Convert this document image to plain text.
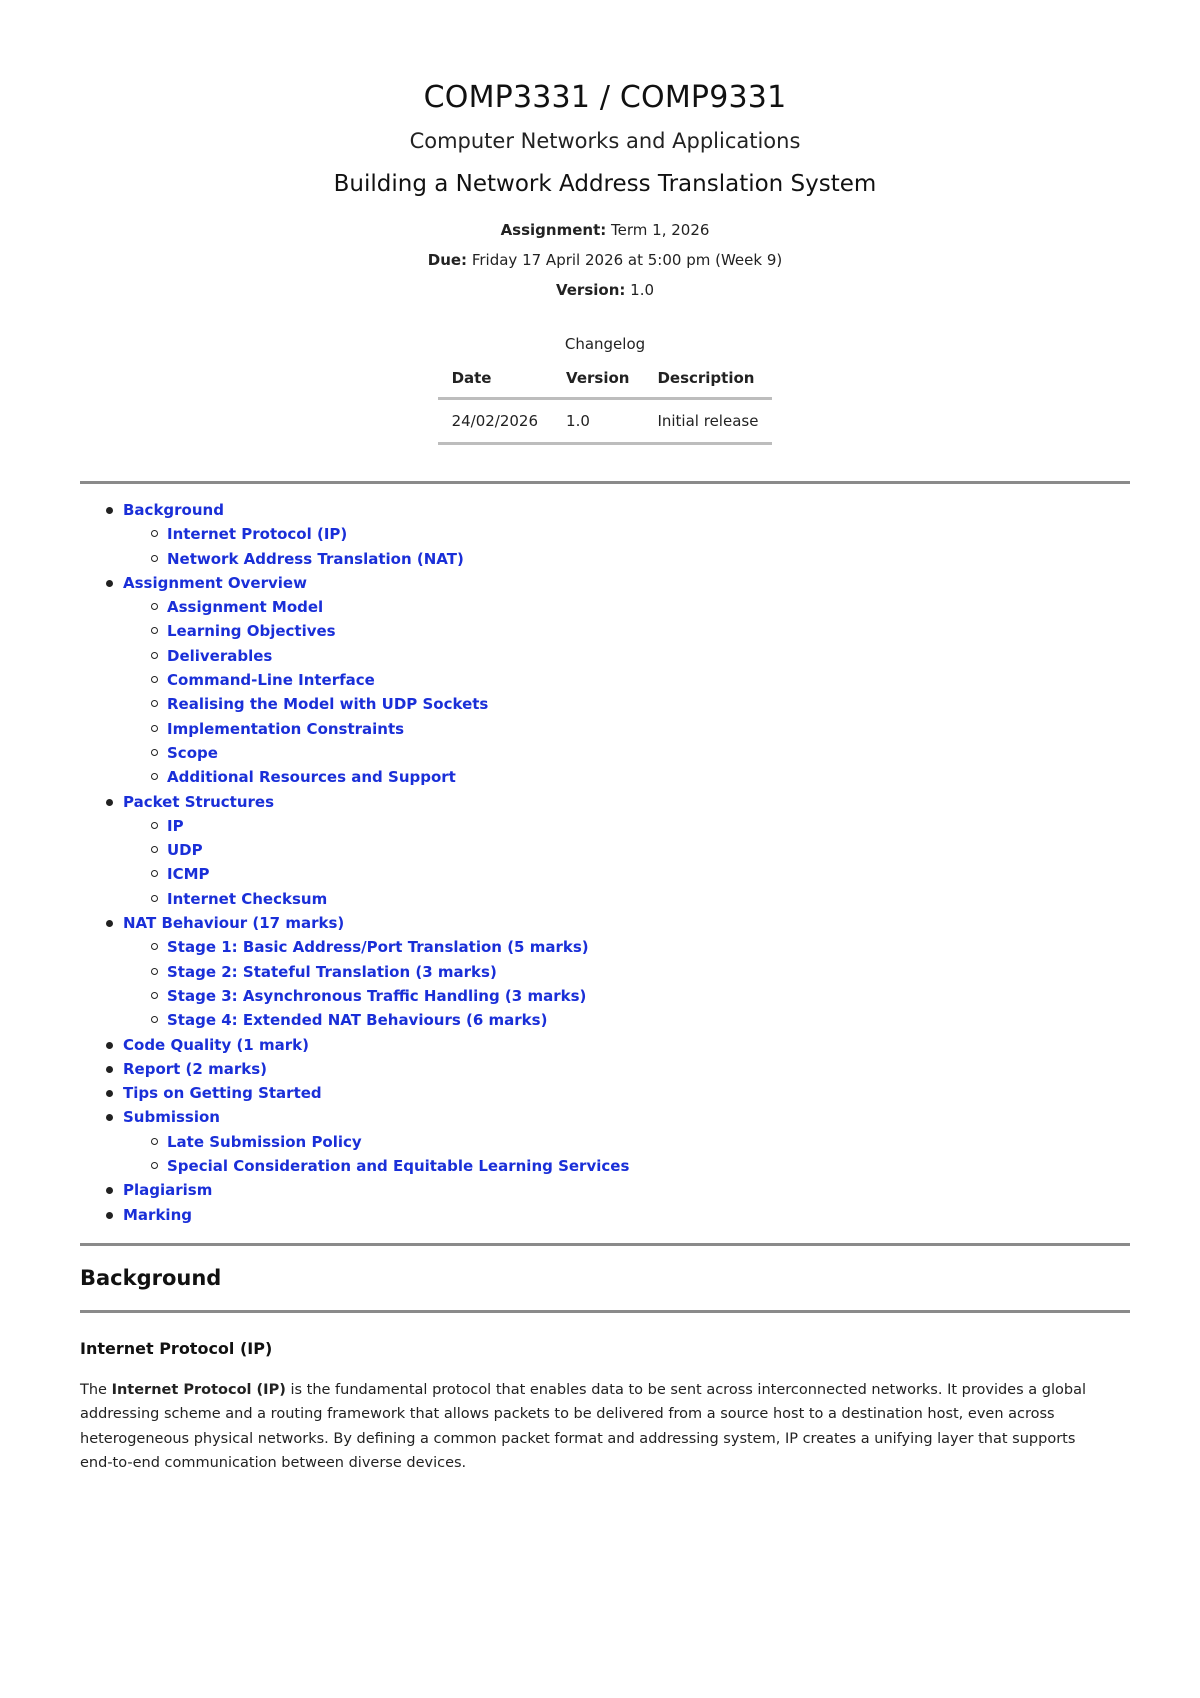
COMP3331 / COMP9331
Computer Networks and Applications
Building a Network Address Translation System
Assignment: Term 1, 2026
Due: Friday 17 April 2026 at 5:00 pm (Week 9)
Version: 1.0
Changelog
Date	Version	Description
24/02/2026	1.0	Initial release
Background
Internet Protocol (IP)
Network Address Translation (NAT)
Assignment Overview
Assignment Model
Learning Objectives
Deliverables
Command-Line Interface
Realising the Model with UDP Sockets
Implementation Constraints
Scope
Additional Resources and Support
Packet Structures
IP
UDP
ICMP
Internet Checksum
NAT Behaviour (17 marks)
Stage 1: Basic Address/Port Translation (5 marks)
Stage 2: Stateful Translation (3 marks)
Stage 3: Asynchronous Traffic Handling (3 marks)
Stage 4: Extended NAT Behaviours (6 marks)
Code Quality (1 mark)
Report (2 marks)
Tips on Getting Started
Submission
Late Submission Policy
Special Consideration and Equitable Learning Services
Plagiarism
Marking
Background
Internet Protocol (IP)

The Internet Protocol (IP) is the fundamental protocol that enables data to be sent across interconnected networks. It provides a global addressing scheme and a routing framework that allows packets to be delivered from a source host to a destination host, even across heterogeneous physical networks. By defining a common packet format and addressing system, IP creates a unifying layer that supports end-to-end communication between diverse devices.
